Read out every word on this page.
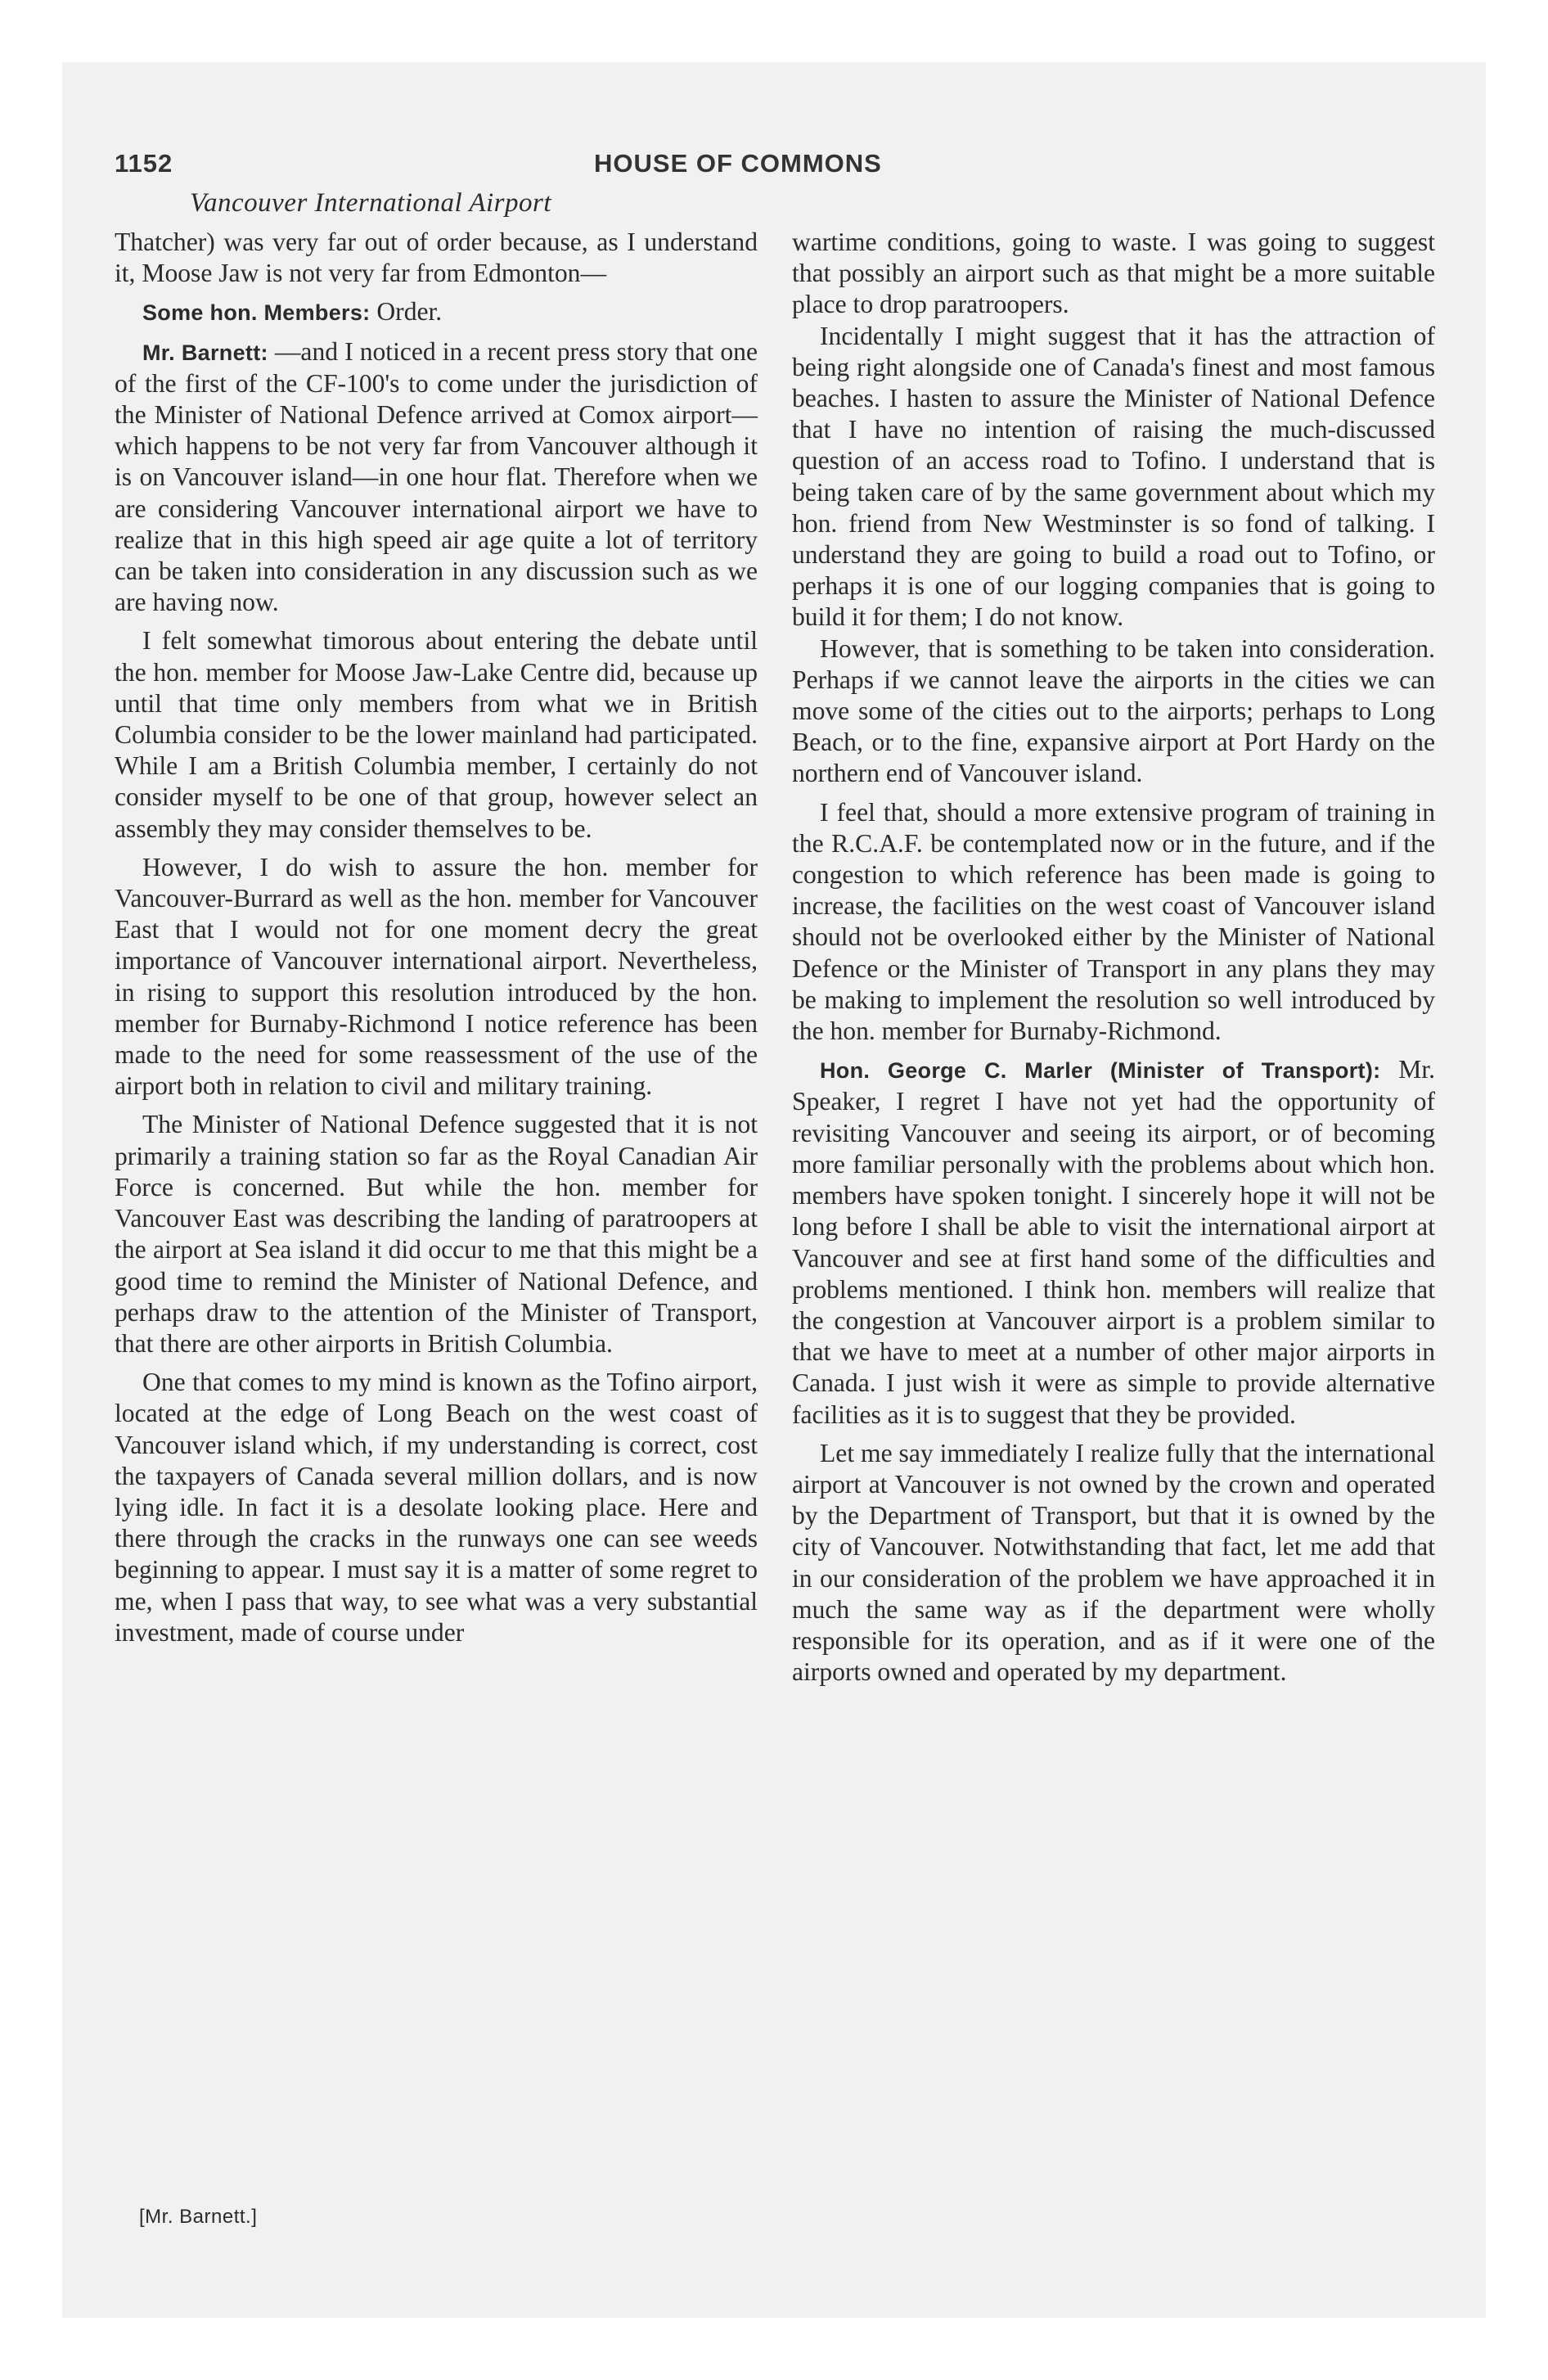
1152	HOUSE OF COMMONS
Vancouver International Airport

Thatcher) was very far out of order because, as I understand it, Moose Jaw is not very far from Edmonton—

Some hon. Members: Order.

Mr. Barnett: —and I noticed in a recent press story that one of the first of the CF-100's to come under the jurisdiction of the Minister of National Defence arrived at Comox airport—which happens to be not very far from Vancouver although it is on Vancouver island—in one hour flat. Therefore when we are considering Vancouver international airport we have to realize that in this high speed air age quite a lot of territory can be taken into consideration in any discussion such as we are having now.

I felt somewhat timorous about entering the debate until the hon. member for Moose Jaw-Lake Centre did, because up until that time only members from what we in British Columbia consider to be the lower mainland had participated. While I am a British Columbia member, I certainly do not consider myself to be one of that group, however select an assembly they may consider themselves to be.

However, I do wish to assure the hon. member for Vancouver-Burrard as well as the hon. member for Vancouver East that I would not for one moment decry the great importance of Vancouver international airport. Nevertheless, in rising to support this resolution introduced by the hon. member for Burnaby-Richmond I notice reference has been made to the need for some reassessment of the use of the airport both in relation to civil and military training.

The Minister of National Defence suggested that it is not primarily a training station so far as the Royal Canadian Air Force is concerned. But while the hon. member for Vancouver East was describing the landing of paratroopers at the airport at Sea island it did occur to me that this might be a good time to remind the Minister of National Defence, and perhaps draw to the attention of the Minister of Transport, that there are other airports in British Columbia.

One that comes to my mind is known as the Tofino airport, located at the edge of Long Beach on the west coast of Vancouver island which, if my understanding is correct, cost the taxpayers of Canada several million dollars, and is now lying idle. In fact it is a desolate looking place. Here and there through the cracks in the runways one can see weeds beginning to appear. I must say it is a matter of some regret to me, when I pass that way, to see what was a very substantial investment, made of course under

wartime conditions, going to waste. I was going to suggest that possibly an airport such as that might be a more suitable place to drop paratroopers.

Incidentally I might suggest that it has the attraction of being right alongside one of Canada's finest and most famous beaches. I hasten to assure the Minister of National Defence that I have no intention of raising the much-discussed question of an access road to Tofino. I understand that is being taken care of by the same government about which my hon. friend from New Westminster is so fond of talking. I understand they are going to build a road out to Tofino, or perhaps it is one of our logging companies that is going to build it for them; I do not know.

However, that is something to be taken into consideration. Perhaps if we cannot leave the airports in the cities we can move some of the cities out to the airports; perhaps to Long Beach, or to the fine, expansive airport at Port Hardy on the northern end of Vancouver island.

I feel that, should a more extensive program of training in the R.C.A.F. be contemplated now or in the future, and if the congestion to which reference has been made is going to increase, the facilities on the west coast of Vancouver island should not be overlooked either by the Minister of National Defence or the Minister of Transport in any plans they may be making to implement the resolution so well introduced by the hon. member for Burnaby-Richmond.

Hon. George C. Marler (Minister of Transport): Mr. Speaker, I regret I have not yet had the opportunity of revisiting Vancouver and seeing its airport, or of becoming more familiar personally with the problems about which hon. members have spoken tonight. I sincerely hope it will not be long before I shall be able to visit the international airport at Vancouver and see at first hand some of the difficulties and problems mentioned. I think hon. members will realize that the congestion at Vancouver airport is a problem similar to that we have to meet at a number of other major airports in Canada. I just wish it were as simple to provide alternative facilities as it is to suggest that they be provided.

Let me say immediately I realize fully that the international airport at Vancouver is not owned by the crown and operated by the Department of Transport, but that it is owned by the city of Vancouver. Notwithstanding that fact, let me add that in our consideration of the problem we have approached it in much the same way as if the department were wholly responsible for its operation, and as if it were one of the airports owned and operated by my department.

[Mr. Barnett.]
